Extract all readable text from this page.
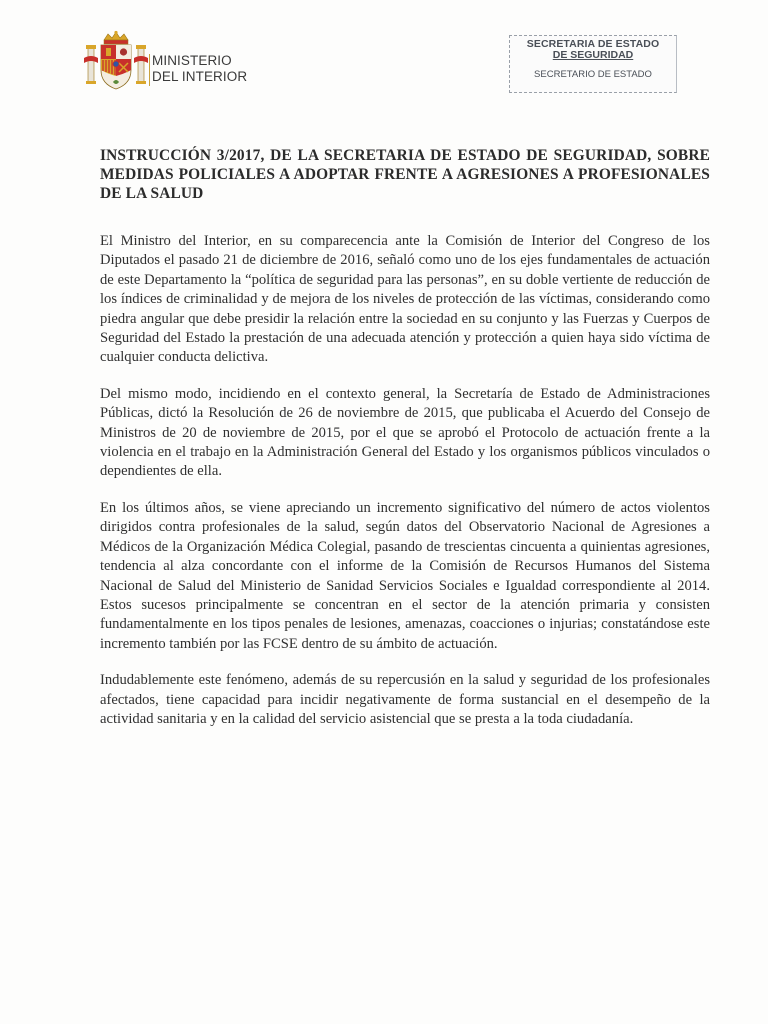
MINISTERIO
DEL INTERIOR
SECRETARIA DE ESTADO
DE SEGURIDAD
SECRETARIO DE ESTADO
INSTRUCCIÓN 3/2017, DE LA SECRETARIA DE ESTADO DE SEGURIDAD, SOBRE MEDIDAS POLICIALES A ADOPTAR FRENTE A AGRESIONES A PROFESIONALES DE LA SALUD

El Ministro del Interior, en su comparecencia ante la Comisión de Interior del Congreso de los Diputados el pasado 21 de diciembre de 2016, señaló como uno de los ejes fundamentales de actuación de este Departamento la “política de seguridad para las personas”, en su doble vertiente de reducción de los índices de criminalidad y de mejora de los niveles de protección de las víctimas, considerando como piedra angular que debe presidir la relación entre la sociedad en su conjunto y las Fuerzas y Cuerpos de Seguridad del Estado la prestación de una adecuada atención y protección a quien haya sido víctima de cualquier conducta delictiva.

Del mismo modo, incidiendo en el contexto general, la Secretaría de Estado de Administraciones Públicas, dictó la Resolución de 26 de noviembre de 2015, que publicaba el Acuerdo del Consejo de Ministros de 20 de noviembre de 2015, por el que se aprobó el Protocolo de actuación frente a la violencia en el trabajo en la Administración General del Estado y los organismos públicos vinculados o dependientes de ella.

En los últimos años, se viene apreciando un incremento significativo del número de actos violentos dirigidos contra profesionales de la salud, según datos del Observatorio Nacional de Agresiones a Médicos de la Organización Médica Colegial, pasando de trescientas cincuenta a quinientas agresiones, tendencia al alza concordante con el informe de la Comisión de Recursos Humanos del Sistema Nacional de Salud del Ministerio de Sanidad Servicios Sociales e Igualdad correspondiente al 2014. Estos sucesos principalmente se concentran en el sector de la atención primaria y consisten fundamentalmente en los tipos penales de lesiones, amenazas, coacciones o injurias; constatándose este incremento también por las FCSE dentro de su ámbito de actuación.

Indudablemente este fenómeno, además de su repercusión en la salud y seguridad de los profesionales afectados, tiene capacidad para incidir negativamente de forma sustancial en el desempeño de la actividad sanitaria y en la calidad del servicio asistencial que se presta a la toda ciudadanía.
